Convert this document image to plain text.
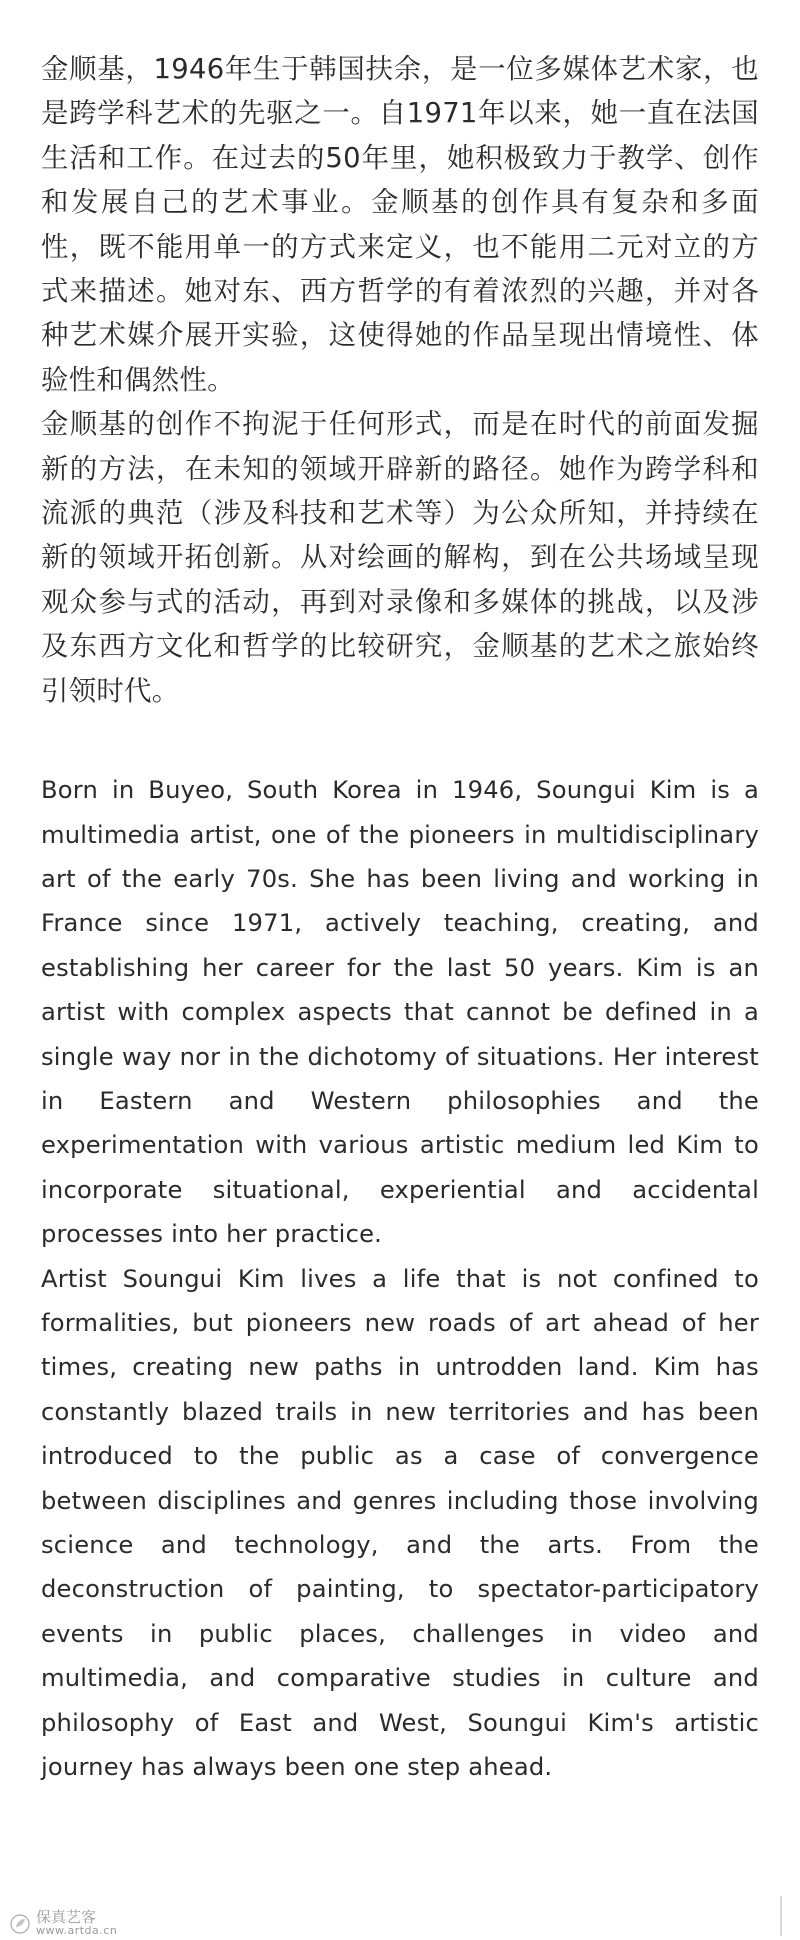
金顺基，1946年生于韩国扶余，是一位多媒体艺术家，也是跨学科艺术的先驱之一。自1971年以来，她一直在法国生活和工作。在过去的50年里，她积极致力于教学、创作和发展自己的艺术事业。金顺基的创作具有复杂和多面性，既不能用单一的方式来定义，也不能用二元对立的方式来描述。她对东、西方哲学的有着浓烈的兴趣，并对各种艺术媒介展开实验，这使得她的作品呈现出情境性、体验性和偶然性。

金顺基的创作不拘泥于任何形式，而是在时代的前面发掘新的方法，在未知的领域开辟新的路径。她作为跨学科和流派的典范（涉及科技和艺术等）为公众所知，并持续在新的领域开拓创新。从对绘画的解构，到在公共场域呈现观众参与式的活动，再到对录像和多媒体的挑战，以及涉及东西方文化和哲学的比较研究，金顺基的艺术之旅始终引领时代。

Born in Buyeo, South Korea in 1946, Soungui Kim is a multimedia artist, one of the pioneers in multidisciplinary art of the early 70s. She has been living and working in France since 1971, actively teaching, creating, and establishing her career for the last 50 years. Kim is an artist with complex aspects that cannot be defined in a single way nor in the dichotomy of situations. Her interest in Eastern and Western philosophies and the experimentation with various artistic medium led Kim to incorporate situational, experiential and accidental processes into her practice.

Artist Soungui Kim lives a life that is not confined to formalities, but pioneers new roads of art ahead of her times, creating new paths in untrodden land. Kim has constantly blazed trails in new territories and has been introduced to the public as a case of convergence between disciplines and genres including those involving science and technology, and the arts. From the deconstruction of painting, to spectator-participatory events in public places, challenges in video and multimedia, and comparative studies in culture and philosophy of East and West, Soungui Kim's artistic journey has always been one step ahead.

保真艺客
www.artda.cn
